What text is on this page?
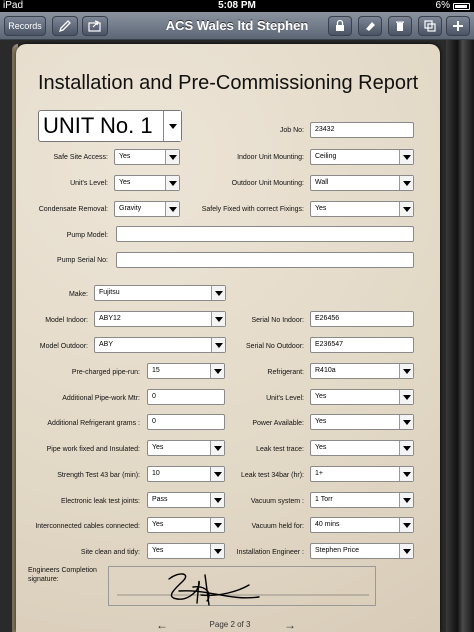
iPad	5:08 PM	6%
Records	ACS Wales ltd Stephen
Installation and Pre-Commissioning Report
UNIT No. 1	Job No:	23432
Safe Site Access:	Yes	Indoor Unit Mounting:	Ceiling
Unit's Level:	Yes	Outdoor Unit Mounting:	Wall
Condensate Removal:	Gravity	Safely Fixed with correct Fixings:	Yes
Pump Model:
Pump Serial No:
Make:	Fujitsu
Model Indoor:	ABY12	Serial No Indoor:	E26456
Model Outdoor:	ABY	Serial No Outdoor:	E236547
Pre-charged pipe-run:	15	Refrigerant:	R410a
Additional Pipe-work Mtr:	0	Unit's Level:	Yes
Additional Refrigerant grams :	0	Power Available:	Yes
Pipe work fixed and Insulated:	Yes	Leak test trace:	Yes
Strength Test 43 bar (min):	10	Leak test 34bar (hr):	1+
Electronic leak test joints:	Pass	Vacuum system :	1 Torr
Interconnected cables connected:	Yes	Vacuum held for:	40 mins
Site clean and tidy:	Yes	Installation Engineer :	Stephen Price
Engineers Completion signature:
←	Page 2 of 3	→
